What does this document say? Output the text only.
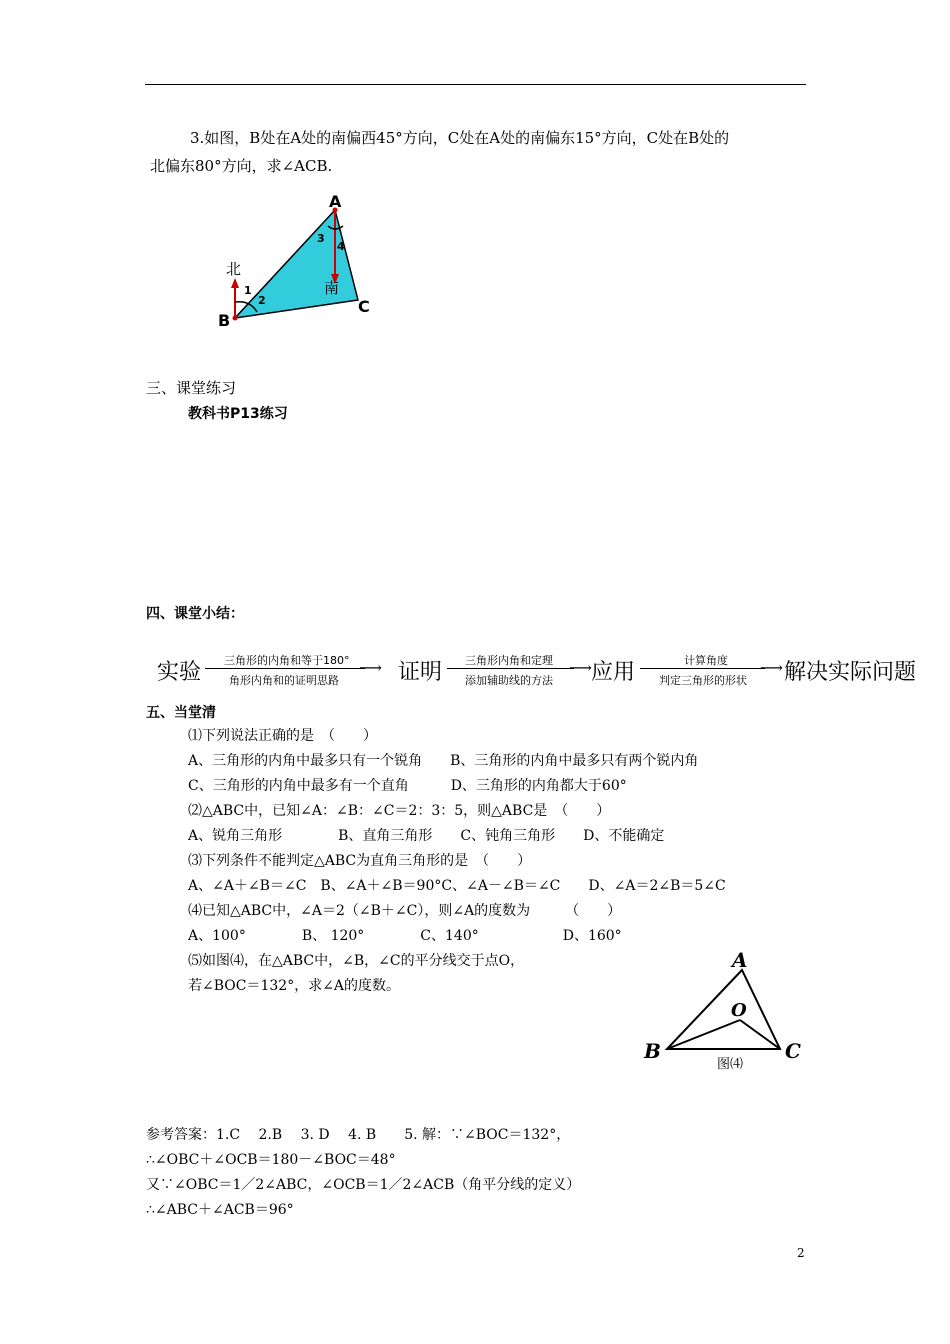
3.如图，B处在A处的南偏西45°方向，C处在A处的南偏东15°方向，C处在B处的
北偏东80°方向，求∠ACB.
A
B
C
北
南
1
2
3
4
三、课堂练习
教科书P13练习
四、课堂小结：
实验 三角形的内角和等于180°
角形内角和的证明思路
⟶ 证明 三角形内角和定理
添加辅助线的方法
⟶ 应用	计算角度
判定三角形的形状
⟶ 解决实际问题
五、当堂清
⑴下列说法正确的是　（　　）
A、三角形的内角中最多只有一个锐角　　B、三角形的内角中最多只有两个锐内角
C、三角形的内角中最多有一个直角　　　D、三角形的内角都大于60°
⑵△ABC中，已知∠A：∠B：∠C＝2：3：5，则△ABC是　（　　）
A、锐角三角形　　　　B、直角三角形　　C、钝角三角形　　D、不能确定
⑶下列条件不能判定△ABC为直角三角形的是　（　　）
A、∠A＋∠B＝∠C　B、∠A＋∠B＝90°C、∠A－∠B＝∠C　　D、∠A＝2∠B＝5∠C
⑷已知△ABC中，∠A＝2（∠B＋∠C），则∠A的度数为　　　（　　）
A、100°　　　　B、 120°　　　　C、140°　　　　　　D、160°
⑸如图⑷，在△ABC中，∠B，∠C的平分线交于点O，
若∠BOC＝132°，求∠A的度数。
A
B	C
O
图⑷
参考答案：1.C　 2.B　 3. D　 4. B　　5. 解：∵∠BOC＝132°，
∴∠OBC＋∠OCB＝180－∠BOC＝48°
又∵∠OBC＝1／2∠ABC，∠OCB＝1／2∠ACB（角平分线的定义）
∴∠ABC＋∠ACB＝96°
2
